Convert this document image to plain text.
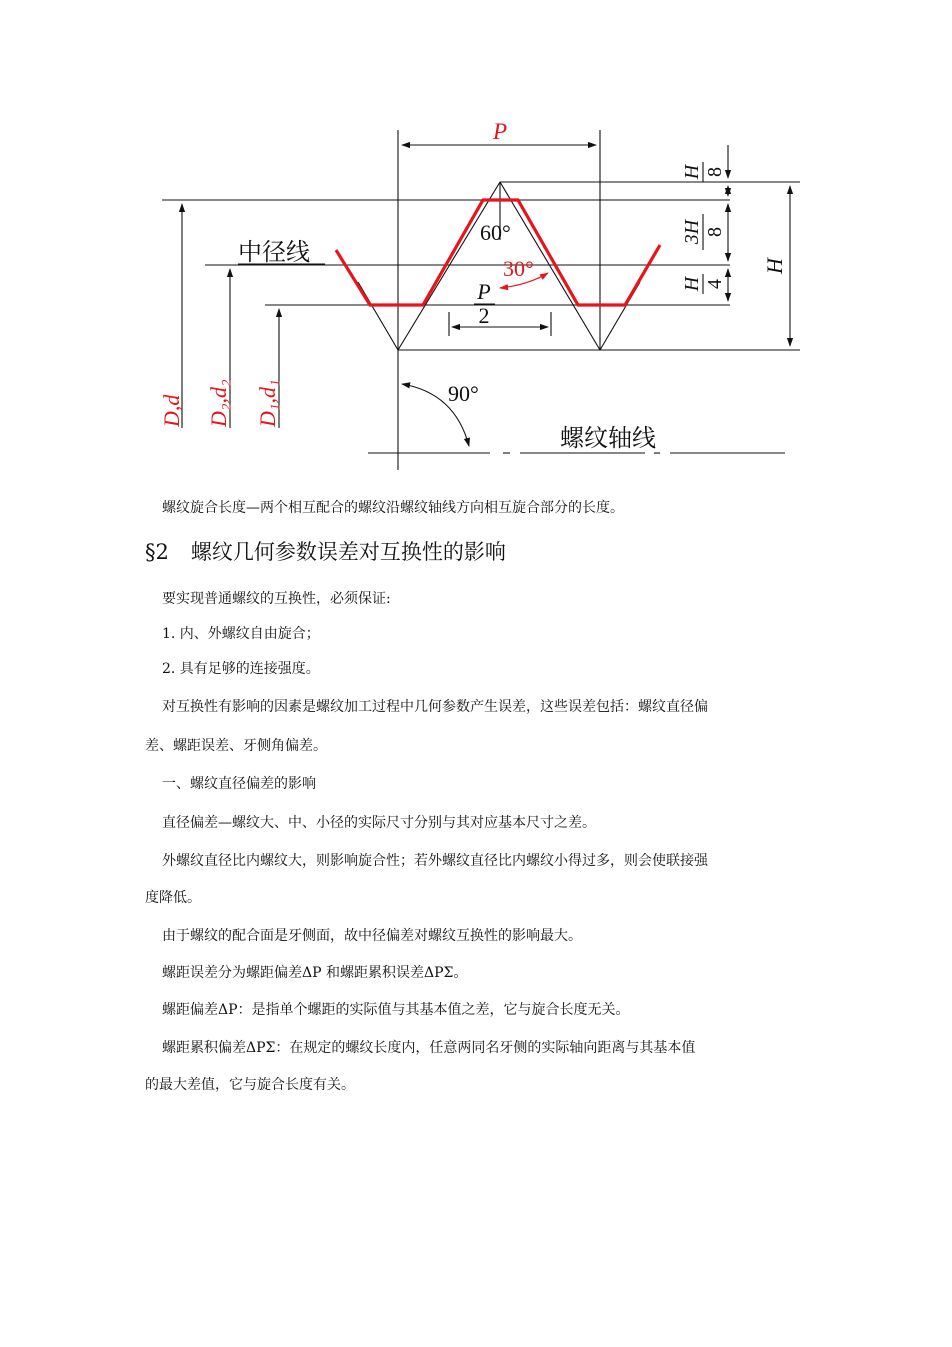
P
60°
30°
P
2
中径线
D,d D₂,d₂ D₁,d₁	90°
螺纹轴线
H 8
3H 8
H 4
H
螺纹旋合长度—两个相互配合的螺纹沿螺纹轴线方向相互旋合部分的长度。
§2 螺纹几何参数误差对互换性的影响
要实现普通螺纹的互换性，必须保证:
1. 内、外螺纹自由旋合；
2. 具有足够的连接强度。
对互换性有影响的因素是螺纹加工过程中几何参数产生误差，这些误差包括：螺纹直径偏
差、螺距误差、牙侧角偏差。
一、螺纹直径偏差的影响
直径偏差—螺纹大、中、小径的实际尺寸分别与其对应基本尺寸之差。
外螺纹直径比内螺纹大，则影响旋合性；若外螺纹直径比内螺纹小得过多，则会使联接强
度降低。
由于螺纹的配合面是牙侧面，故中径偏差对螺纹互换性的影响最大。
螺距误差分为螺距偏差ΔP 和螺距累积误差ΔPΣ。
螺距偏差ΔP：是指单个螺距的实际值与其基本值之差，它与旋合长度无关。
螺距累积偏差ΔPΣ：在规定的螺纹长度内，任意两同名牙侧的实际轴向距离与其基本值
的最大差值，它与旋合长度有关。
